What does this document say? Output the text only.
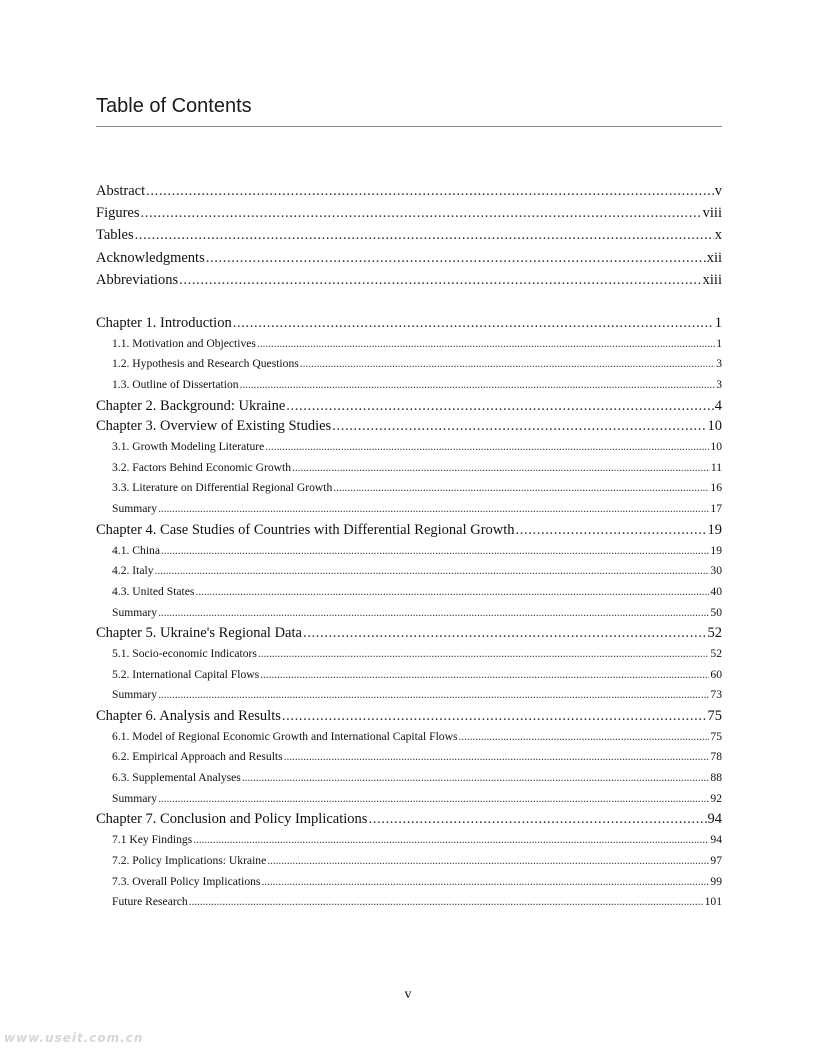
Table of Contents
Abstract . . .	v
Figures . . .	viii
Tables . . .	x
Acknowledgments . . .	xii
Abbreviations . . .	xiii
Chapter 1. Introduction . . .	1
1.1. Motivation and Objectives . . .	1
1.2. Hypothesis and Research Questions . . .	3
1.3. Outline of Dissertation . . .	3
Chapter 2. Background: Ukraine . . .	4
Chapter 3. Overview of Existing Studies . . .	10
3.1. Growth Modeling Literature . . .	10
3.2. Factors Behind Economic Growth . . .	11
3.3. Literature on Differential Regional Growth . . .	16
Summary . . .	17
Chapter 4. Case Studies of Countries with Differential Regional Growth . . .	19
4.1. China . . .	19
4.2. Italy . . .	30
4.3. United States . . .	40
Summary . . .	50
Chapter 5. Ukraine's Regional Data . . .	52
5.1. Socio-economic Indicators . . .	52
5.2. International Capital Flows . . .	60
Summary . . .	73
Chapter 6. Analysis and Results . . .	75
6.1. Model of Regional Economic Growth and International Capital Flows . . .	75
6.2. Empirical Approach and Results . . .	78
6.3. Supplemental Analyses . . .	88
Summary . . .	92
Chapter 7. Conclusion and Policy Implications . . .	94
7.1 Key Findings . . .	94
7.2. Policy Implications: Ukraine . . .	97
7.3. Overall Policy Implications . . .	99
Future Research . . .	101
v
www.useit.com.cn
